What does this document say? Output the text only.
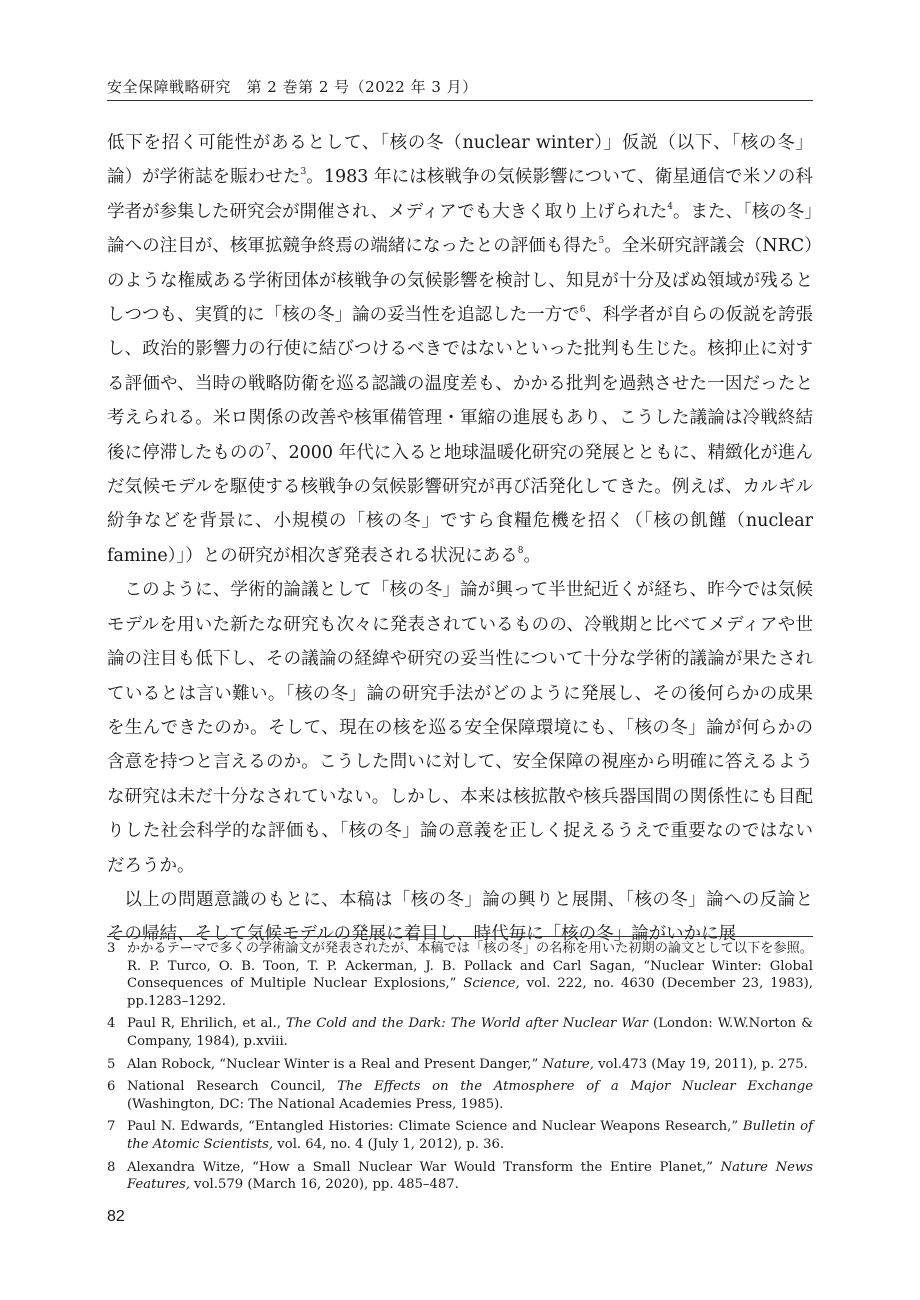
安全保障戦略研究　第 2 巻第 2 号（2022 年 3 月）

低下を招く可能性があるとして、「核の冬（nuclear winter）」仮説（以下、「核の冬」論）が学術誌を賑わせた$^3$。1983 年には核戦争の気候影響について、衛星通信で米ソの科学者が参集した研究会が開催され、メディアでも大きく取り上げられた$^4$。また、「核の冬」論への注目が、核軍拡競争終焉の端緒になったとの評価も得た$^5$。全米研究評議会（NRC）のような権威ある学術団体が核戦争の気候影響を検討し、知見が十分及ばぬ領域が残るとしつつも、実質的に「核の冬」論の妥当性を追認した一方で$^6$、科学者が自らの仮説を誇張し、政治的影響力の行使に結びつけるべきではないといった批判も生じた。核抑止に対する評価や、当時の戦略防衛を巡る認識の温度差も、かかる批判を過熱させた一因だったと考えられる。米ロ関係の改善や核軍備管理・軍縮の進展もあり、こうした議論は冷戦終結後に停滞したものの$^7$、2000 年代に入ると地球温暖化研究の発展とともに、精緻化が進んだ気候モデルを駆使する核戦争の気候影響研究が再び活発化してきた。例えば、カルギル紛争などを背景に、小規模の「核の冬」ですら食糧危機を招く（「核の飢饉（nuclear famine）」）との研究が相次ぎ発表される状況にある$^8$。

このように、学術的論議として「核の冬」論が興って半世紀近くが経ち、昨今では気候モデルを用いた新たな研究も次々に発表されているものの、冷戦期と比べてメディアや世論の注目も低下し、その議論の経緯や研究の妥当性について十分な学術的議論が果たされているとは言い難い。「核の冬」論の研究手法がどのように発展し、その後何らかの成果を生んできたのか。そして、現在の核を巡る安全保障環境にも、「核の冬」論が何らかの含意を持つと言えるのか。こうした問いに対して、安全保障の視座から明確に答えるような研究は未だ十分なされていない。しかし、本来は核拡散や核兵器国間の関係性にも目配りした社会科学的な評価も、「核の冬」論の意義を正しく捉えるうえで重要なのではないだろうか。

以上の問題意識のもとに、本稿は「核の冬」論の興りと展開、「核の冬」論への反論とその帰結、そして気候モデルの発展に着目し、時代毎に「核の冬」論がいかに展

3 かかるテーマで多くの学術論文が発表されたが、本稿では「核の冬」の名称を用いた初期の論文として以下を参照。R. P. Turco, O. B. Toon, T. P. Ackerman, J. B. Pollack and Carl Sagan, “Nuclear Winter: Global Consequences of Multiple Nuclear Explosions,” Science, vol. 222, no. 4630 (December 23, 1983), pp.1283–1292.
4 Paul R, Ehrilich, et al., The Cold and the Dark: The World after Nuclear War (London: W.W.Norton & Company, 1984), p.xviii.
5 Alan Robock, “Nuclear Winter is a Real and Present Danger,” Nature, vol.473 (May 19, 2011), p. 275.
6 National Research Council, The Effects on the Atmosphere of a Major Nuclear Exchange (Washington, DC: The National Academies Press, 1985).
7 Paul N. Edwards, “Entangled Histories: Climate Science and Nuclear Weapons Research,” Bulletin of the Atomic Scientists, vol. 64, no. 4 (July 1, 2012), p. 36.
8 Alexandra Witze, “How a Small Nuclear War Would Transform the Entire Planet,” Nature News Features, vol.579 (March 16, 2020), pp. 485–487.
82
